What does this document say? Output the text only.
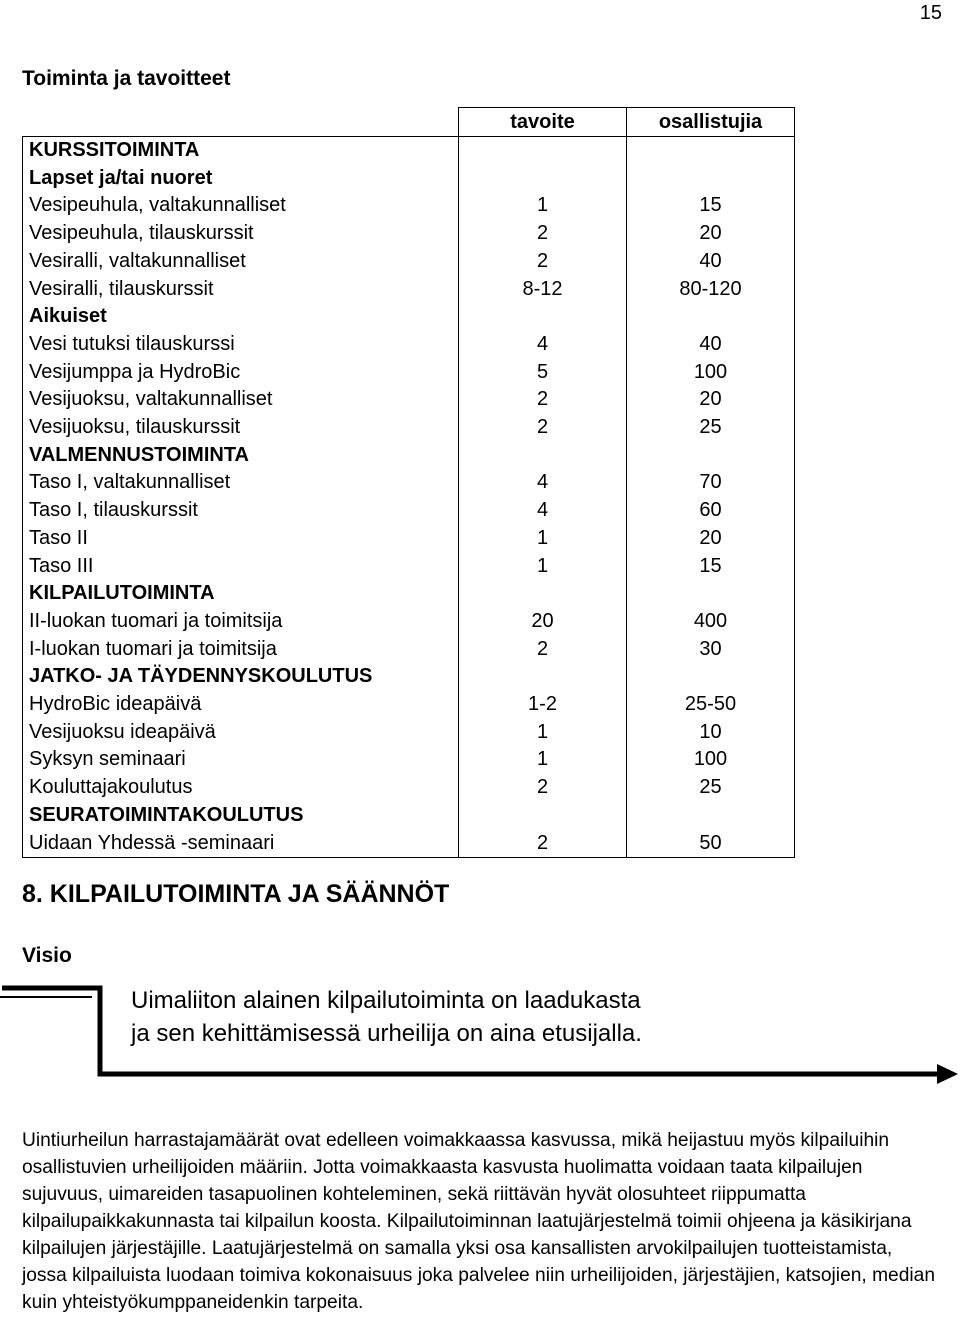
15
Toiminta ja tavoitteet
	tavoite	osallistujia
KURSSITOIMINTA		
Lapset ja/tai nuoret		
Vesipeuhula, valtakunnalliset	1	15
Vesipeuhula, tilauskurssit	2	20
Vesiralli, valtakunnalliset	2	40
Vesiralli, tilauskurssit	8-12	80-120
Aikuiset		
Vesi tutuksi tilauskurssi	4	40
Vesijumppa ja HydroBic	5	100
Vesijuoksu, valtakunnalliset	2	20
Vesijuoksu, tilauskurssit	2	25
VALMENNUSTOIMINTA		
Taso I, valtakunnalliset	4	70
Taso I, tilauskurssit	4	60
Taso II	1	20
Taso III	1	15
KILPAILUTOIMINTA		
II-luokan tuomari ja toimitsija	20	400
I-luokan tuomari ja toimitsija	2	30
JATKO- JA TÄYDENNYSKOULUTUS		
HydroBic ideapäivä	1-2	25-50
Vesijuoksu ideapäivä	1	10
Syksyn seminaari	1	100
Kouluttajakoulutus	2	25
SEURATOIMINTAKOULUTUS		
Uidaan Yhdessä -seminaari	2	50
8. KILPAILUTOIMINTA JA SÄÄNNÖT
Visio
Uimaliiton alainen kilpailutoiminta on laadukasta
ja sen kehittämisessä urheilija on aina etusijalla.

Uintiurheilun harrastajamäärät ovat edelleen voimakkaassa kasvussa, mikä heijastuu myös kilpailuihin osallistuvien urheilijoiden määriin. Jotta voimakkaasta kasvusta huolimatta voidaan taata kilpailujen sujuvuus, uimareiden tasapuolinen kohteleminen, sekä riittävän hyvät olosuhteet riippumatta kilpailupaikkakunnasta tai kilpailun koosta. Kilpailutoiminnan laatujärjestelmä toimii ohjeena ja käsikirjana kilpailujen järjestäjille. Laatujärjestelmä on samalla yksi osa kansallisten arvokilpailujen tuotteistamista, jossa kilpailuista luodaan toimiva kokonaisuus joka palvelee niin urheilijoiden, järjestäjien, katsojien, median kuin yhteistyökumppaneidenkin tarpeita.
